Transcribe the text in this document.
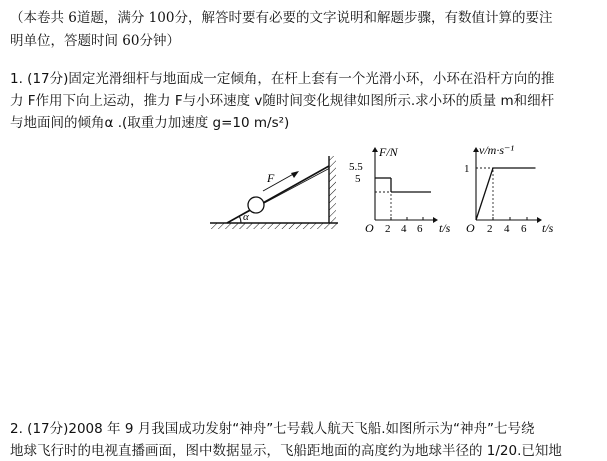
（本卷共 6道题，满分 100分，解答时要有必要的文字说明和解题步骤，有数值计算的要注
明单位，答题时间 60分钟）
1. (17分)固定光滑细杆与地面成一定倾角，在杆上套有一个光滑小环，小环在沿杆方向的推
力 F作用下向上运动，推力 F与小环速度 v随时间变化规律如图所示.求小环的质量 m和细杆
与地面间的倾角α .(取重力加速度 g=10 m/s²)
F
α
F/N
t/s
O
5.5
5
2 4 6
v/m·s⁻¹
t/s
O
1
2 4 6
2. (17分)2008 年 9 月我国成功发射“神舟”七号载人航天飞船.如图所示为“神舟”七号绕
地球飞行时的电视直播画面，图中数据显示，飞船距地面的高度约为地球半径的 1/20.已知地
